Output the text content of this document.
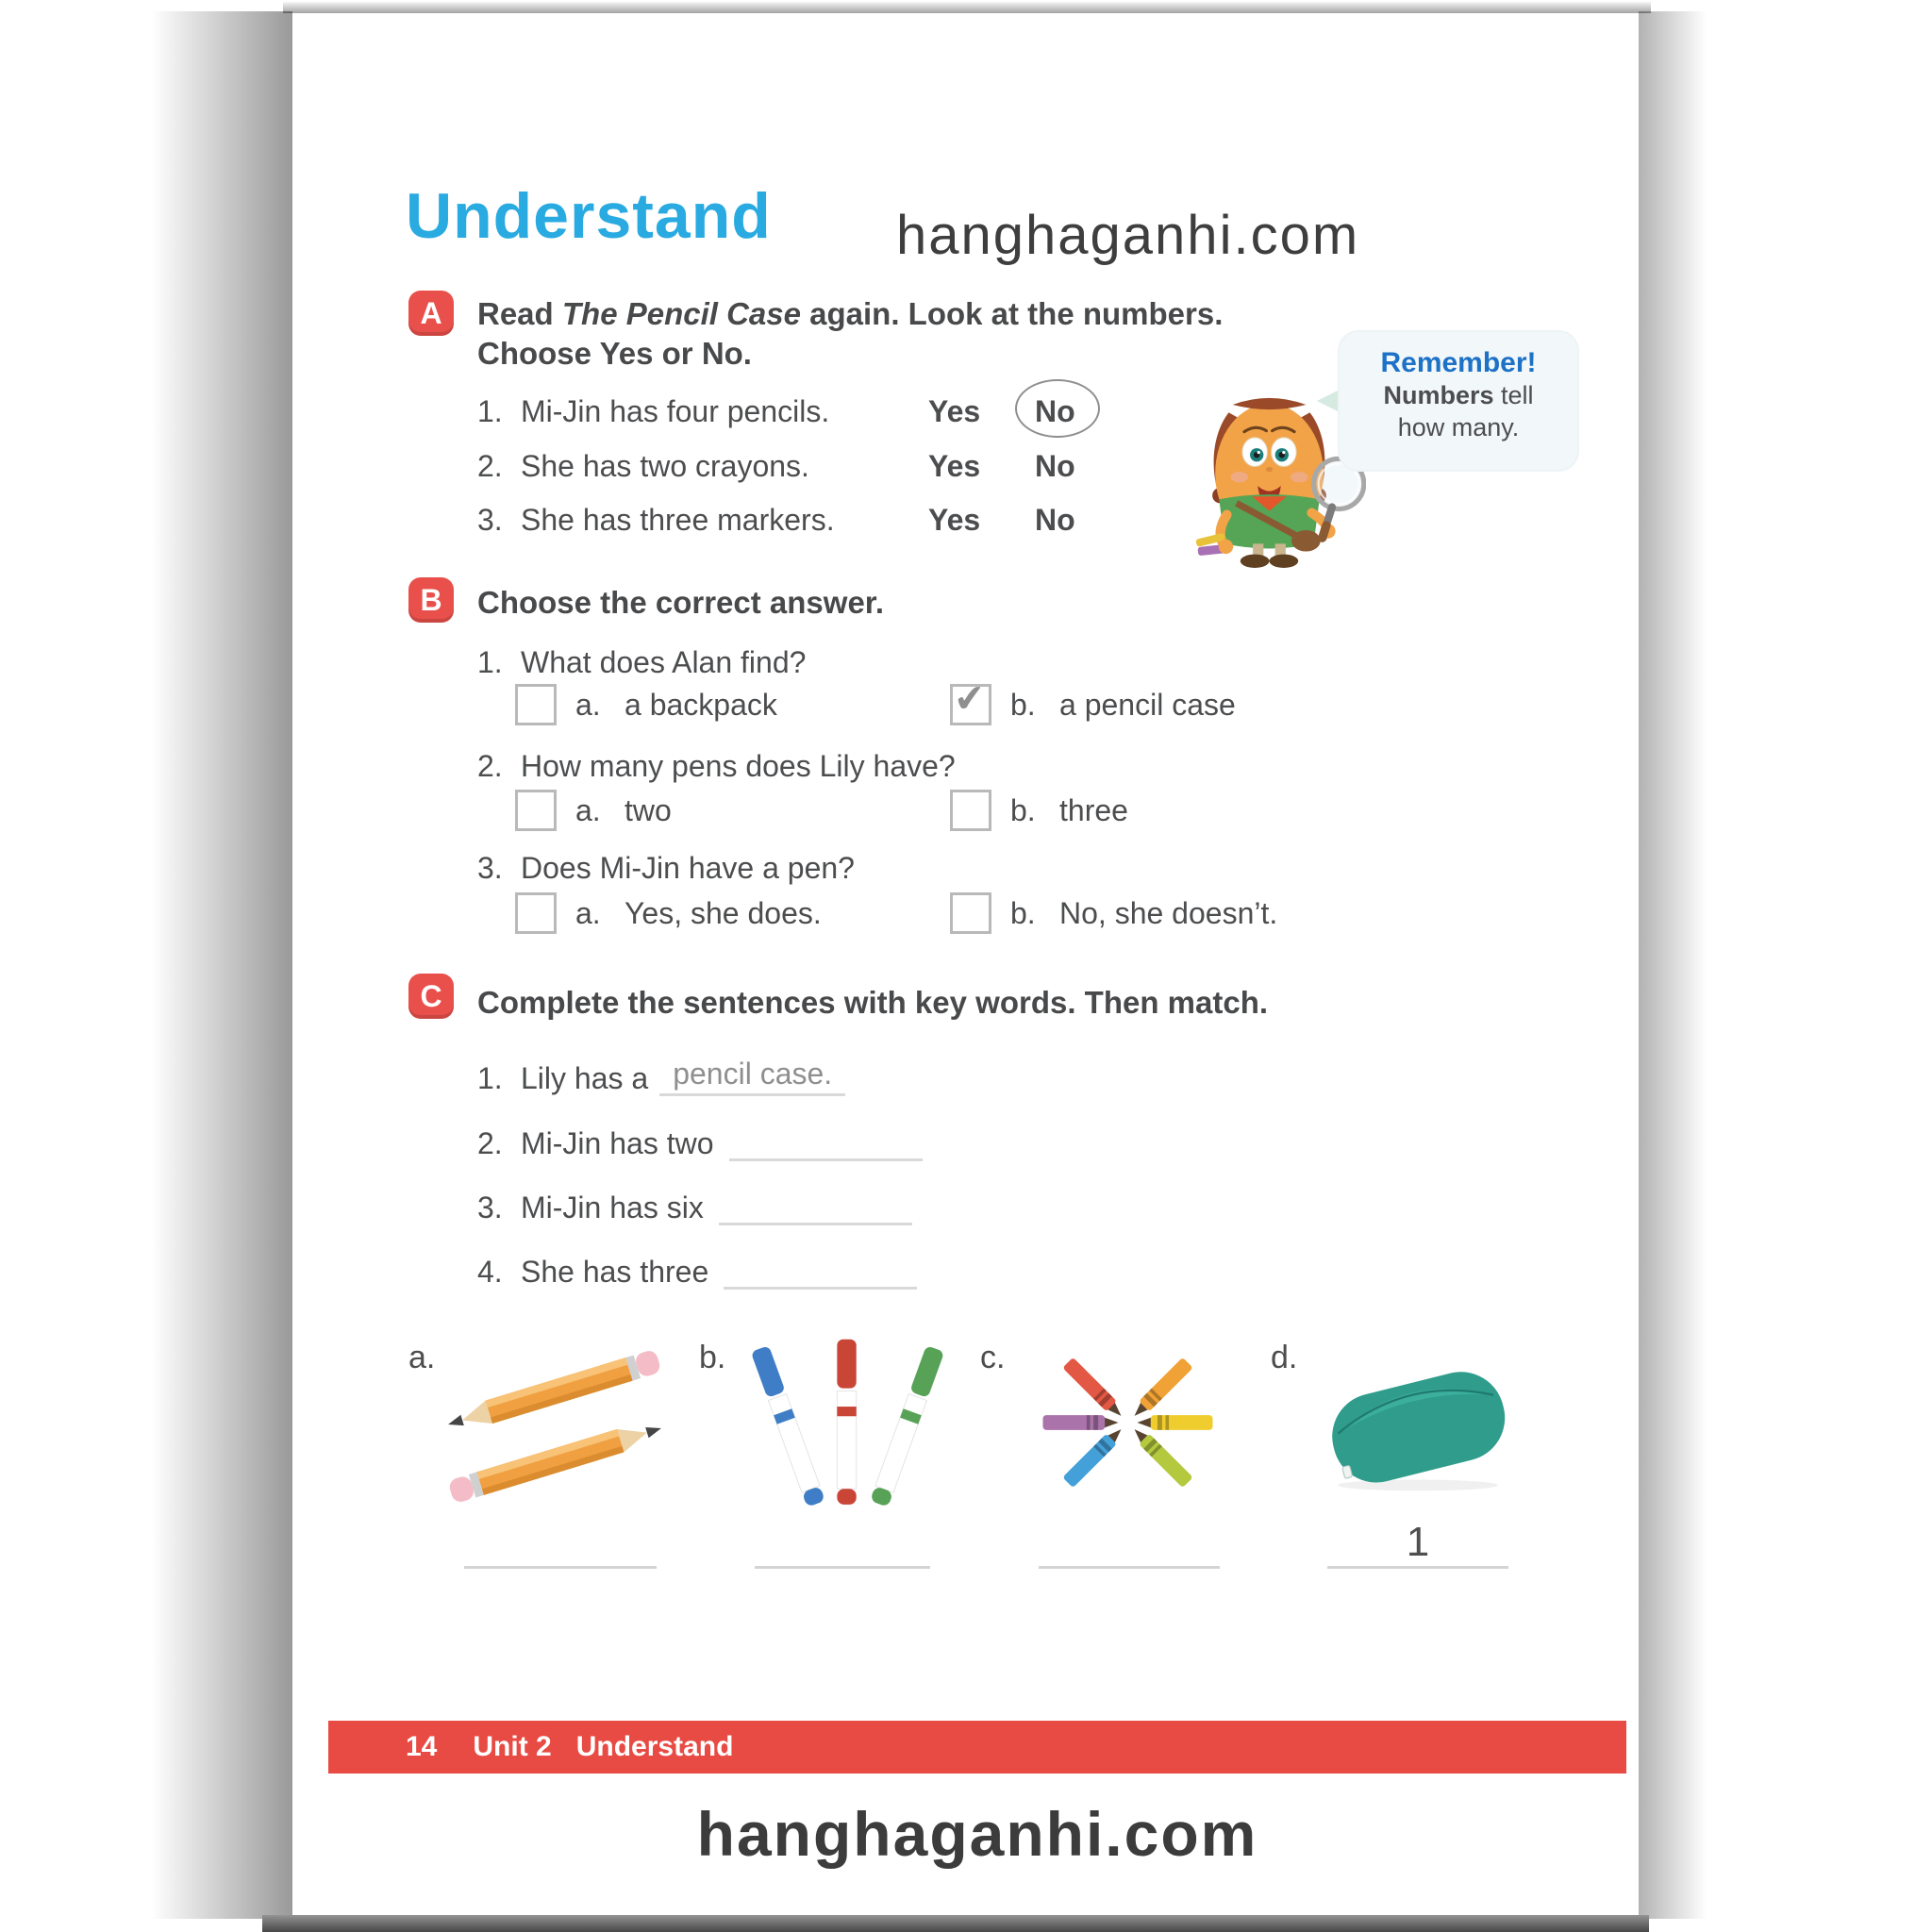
Understand hanghaganhi.com
A	Read The Pencil Case again. Look at the numbers.
Choose Yes or No.
1. Mi-Jin has four pencils.	Yes No
2. She has two crayons.	Yes No
3. She has three markers.	Yes No
Remember!
Numbers tell
how many.
B	Choose the correct answer.
1. What does Alan find?
a. a backpack ✔	b. a pencil case
2. How many pens does Lily have?
a. two	b. three
3. Does Mi-Jin have a pen?
a. Yes, she does.	b. No, she doesn’t.
C	Complete the sentences with key words. Then match.
1. Lily has a pencil case.
2. Mi-Jin has two
3. Mi-Jin has six
4. She has three
a.	b.	c.	d.
1
14 Unit 2 Understand
hanghaganhi.com
